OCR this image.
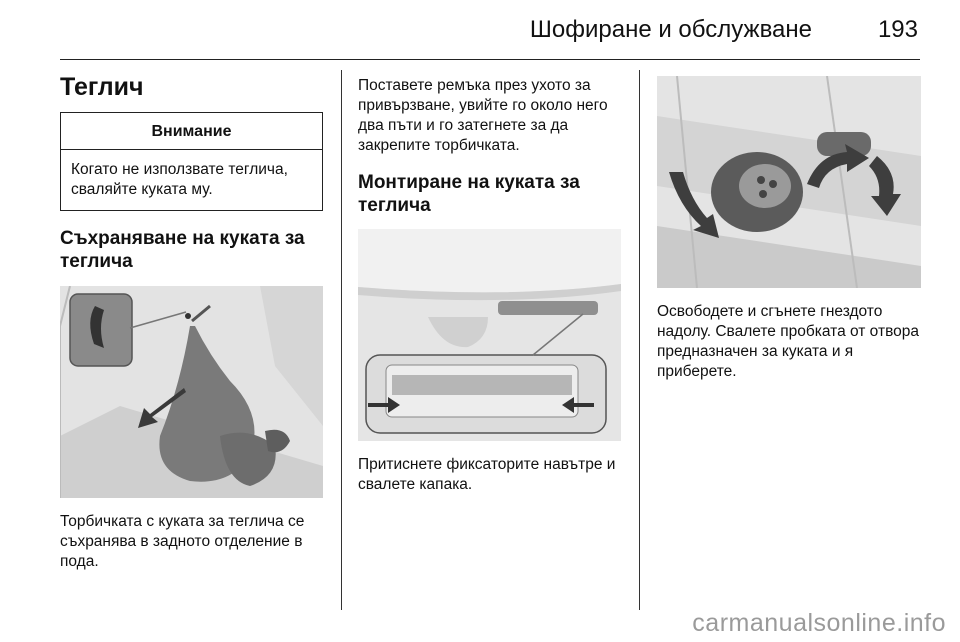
Шофиране и обслужване	193
Теглич
Внимание
Когато не използвате теглича, сваляйте куката му.
Съхраняване на куката за теглича

Торбичката с куката за теглича се съхранява в задното отделение в пода.

Поставете ремъка през ухото за привързване, увийте го около него два пъти и го затегнете за да закрепите торбичката.

Монтиране на куката за теглича

Притиснете фиксаторите навътре и свалете капака.

Освободете и сгънете гнездото надолу. Свалете пробката от отвора предназначен за куката и я приберете.

carmanualsonline.info
